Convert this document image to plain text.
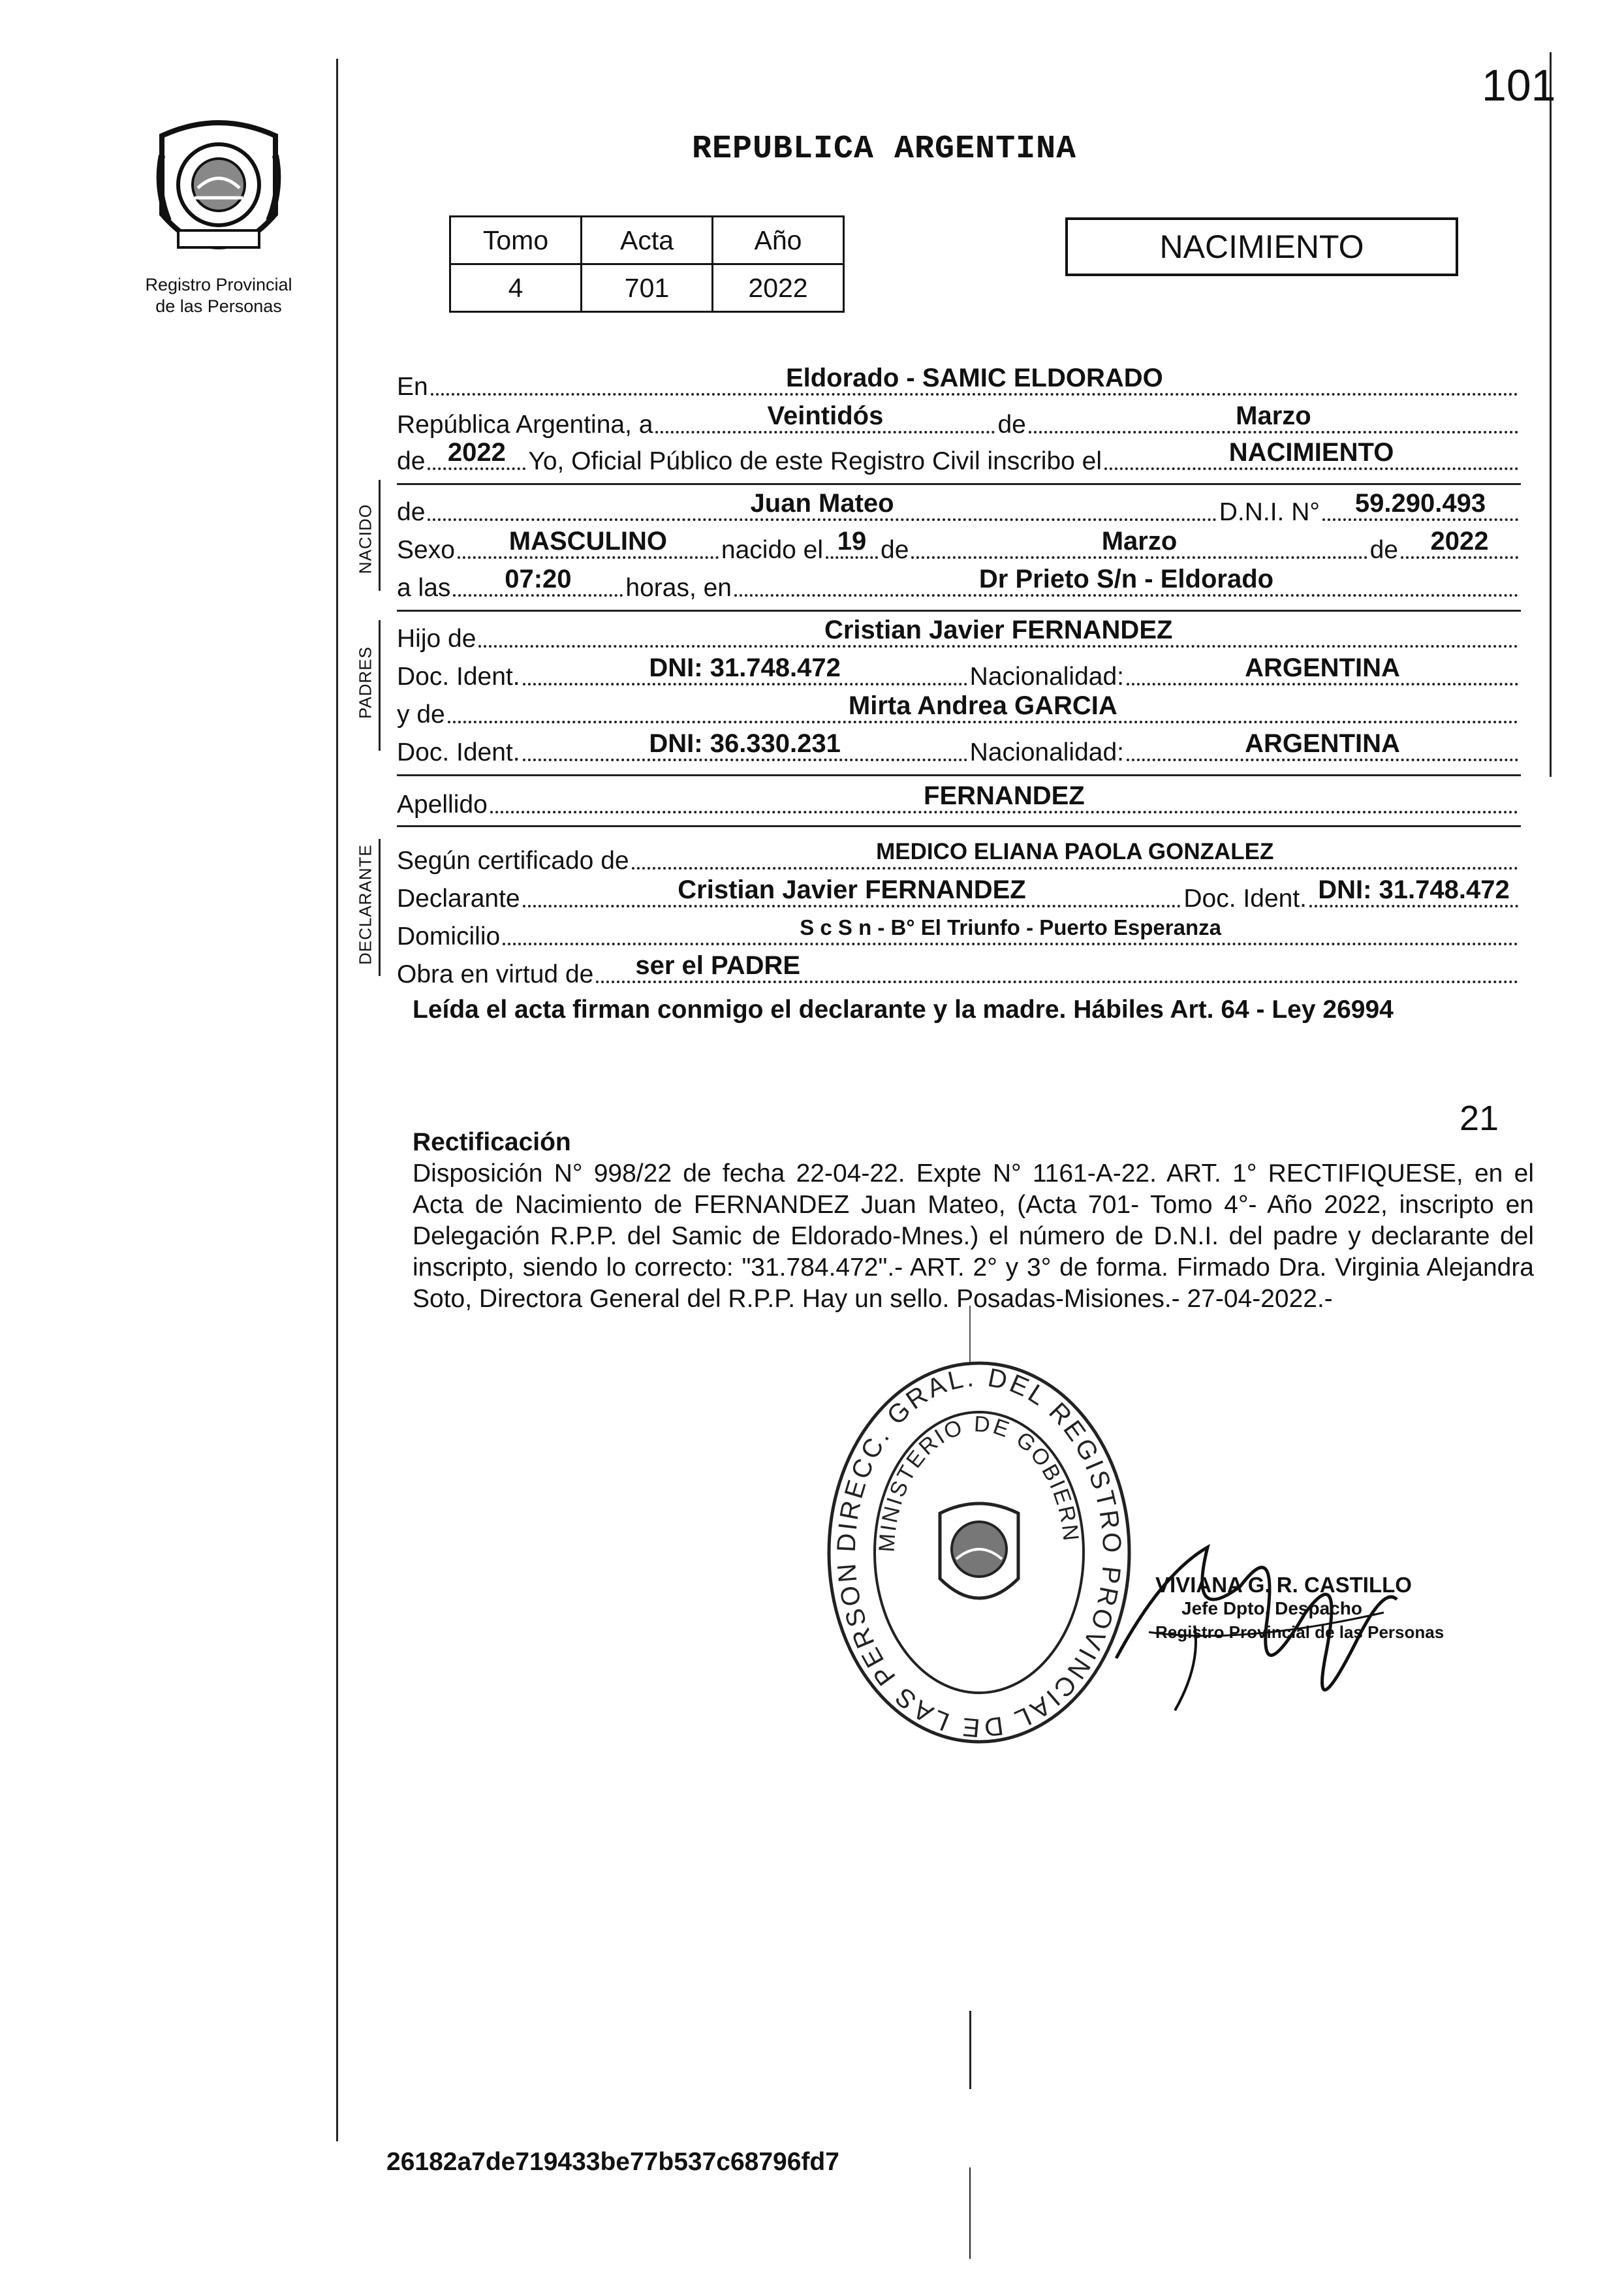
Registro Provincial
de las Personas
101
REPUBLICA ARGENTINA
Tomo	Acta	Año
4	701	2022
NACIMIENTO
NACIDO
PADRES
DECLARANTE
En	Eldorado - SAMIC ELDORADO
República Argentina, a	Veintidós	de	Marzo
de 2022 Yo, Oficial Público de este Registro Civil inscribo el	NACIMIENTO
de	Juan Mateo	D.N.I. N°	59.290.493
Sexo	MASCULINO	nacido el 19 de	Marzo	de	2022
a las	07:20	horas, en	Dr Prieto S/n - Eldorado
Hijo de	Cristian Javier FERNANDEZ
Doc. Ident.	DNI: 31.748.472	Nacionalidad:	ARGENTINA
y de	Mirta Andrea GARCIA
Doc. Ident.	DNI: 36.330.231	Nacionalidad:	ARGENTINA
Apellido	FERNANDEZ
Según certificado de	MEDICO ELIANA PAOLA GONZALEZ
Declarante	Cristian Javier FERNANDEZ	Doc. Ident. DNI: 31.748.472
Domicilio	S c S n - B° El Triunfo - Puerto Esperanza
Obra en virtud de ser el PADRE
Leída el acta firman conmigo el declarante y la madre. Hábiles Art. 64 - Ley 26994
21
Rectificación
Disposición N° 998/22 de fecha 22-04-22. Expte N° 1161-A-22. ART. 1° RECTIFIQUESE, en el Acta de Nacimiento de FERNANDEZ Juan Mateo, (Acta 701- Tomo 4°- Año 2022, inscripto en Delegación R.P.P. del Samic de Eldorado-Mnes.) el número de D.N.I. del padre y declarante del inscripto, siendo lo correcto: "31.784.472".- ART. 2° y 3° de forma. Firmado Dra. Virginia Alejandra Soto, Directora General del R.P.P. Hay un sello. Posadas-Misiones.- 27-04-2022.-
DIRECC. GRAL. DEL REGISTRO PROVINCIAL DE LAS PERSON
MINISTERIO DE GOBIERN
VIVIANA G. R. CASTILLO
Jefe Dpto. Despacho
Registro Provincial de las Personas
26182a7de719433be77b537c68796fd7
